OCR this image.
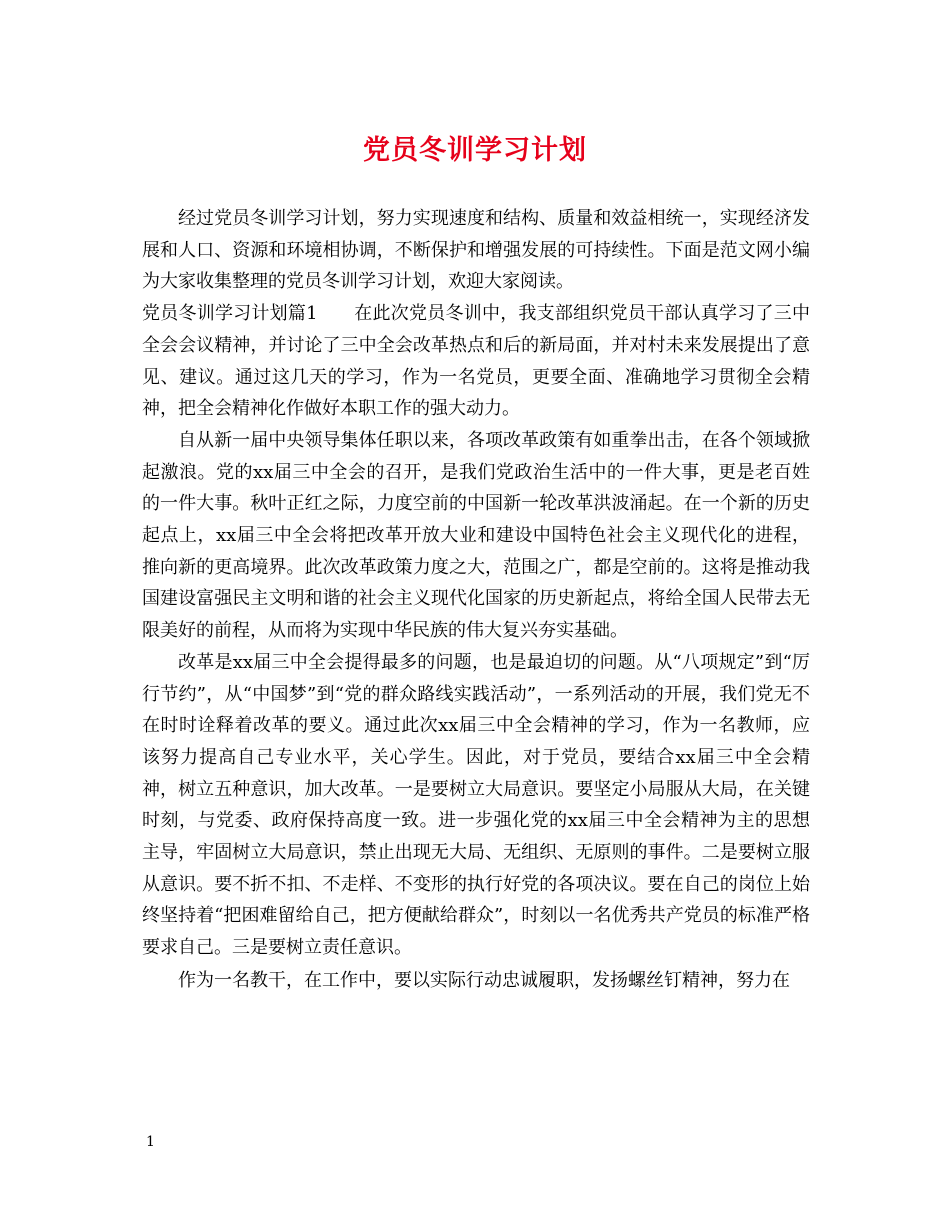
党员冬训学习计划

经过党员冬训学习计划，努力实现速度和结构、质量和效益相统一，实现经济发展和人口、资源和环境相协调，不断保护和增强发展的可持续性。下面是范文网小编为大家收集整理的党员冬训学习计划，欢迎大家阅读。

党员冬训学习计划篇1　　在此次党员冬训中，我支部组织党员干部认真学习了三中全会会议精神，并讨论了三中全会改革热点和后的新局面，并对村未来发展提出了意见、建议。通过这几天的学习，作为一名党员，更要全面、准确地学习贯彻全会精神，把全会精神化作做好本职工作的强大动力。

自从新一届中央领导集体任职以来，各项改革政策有如重拳出击，在各个领域掀起激浪。党的xx届三中全会的召开，是我们党政治生活中的一件大事，更是老百姓的一件大事。秋叶正红之际，力度空前的中国新一轮改革洪波涌起。在一个新的历史起点上，xx届三中全会将把改革开放大业和建设中国特色社会主义现代化的进程，推向新的更高境界。此次改革政策力度之大，范围之广，都是空前的。这将是推动我国建设富强民主文明和谐的社会主义现代化国家的历史新起点，将给全国人民带去无限美好的前程，从而将为实现中华民族的伟大复兴夯实基础。

改革是xx届三中全会提得最多的问题，也是最迫切的问题。从“八项规定”到“厉行节约”，从“中国梦”到“党的群众路线实践活动”，一系列活动的开展，我们党无不在时时诠释着改革的要义。通过此次xx届三中全会精神的学习，作为一名教师，应该努力提高自己专业水平，关心学生。因此，对于党员，要结合xx届三中全会精神，树立五种意识，加大改革。一是要树立大局意识。要坚定小局服从大局，在关键时刻，与党委、政府保持高度一致。进一步强化党的xx届三中全会精神为主的思想主导，牢固树立大局意识，禁止出现无大局、无组织、无原则的事件。二是要树立服从意识。要不折不扣、不走样、不变形的执行好党的各项决议。要在自己的岗位上始终坚持着“把困难留给自己，把方便献给群众”，时刻以一名优秀共产党员的标准严格要求自己。三是要树立责任意识。

作为一名教干，在工作中，要以实际行动忠诚履职，发扬螺丝钉精神，努力在

1
